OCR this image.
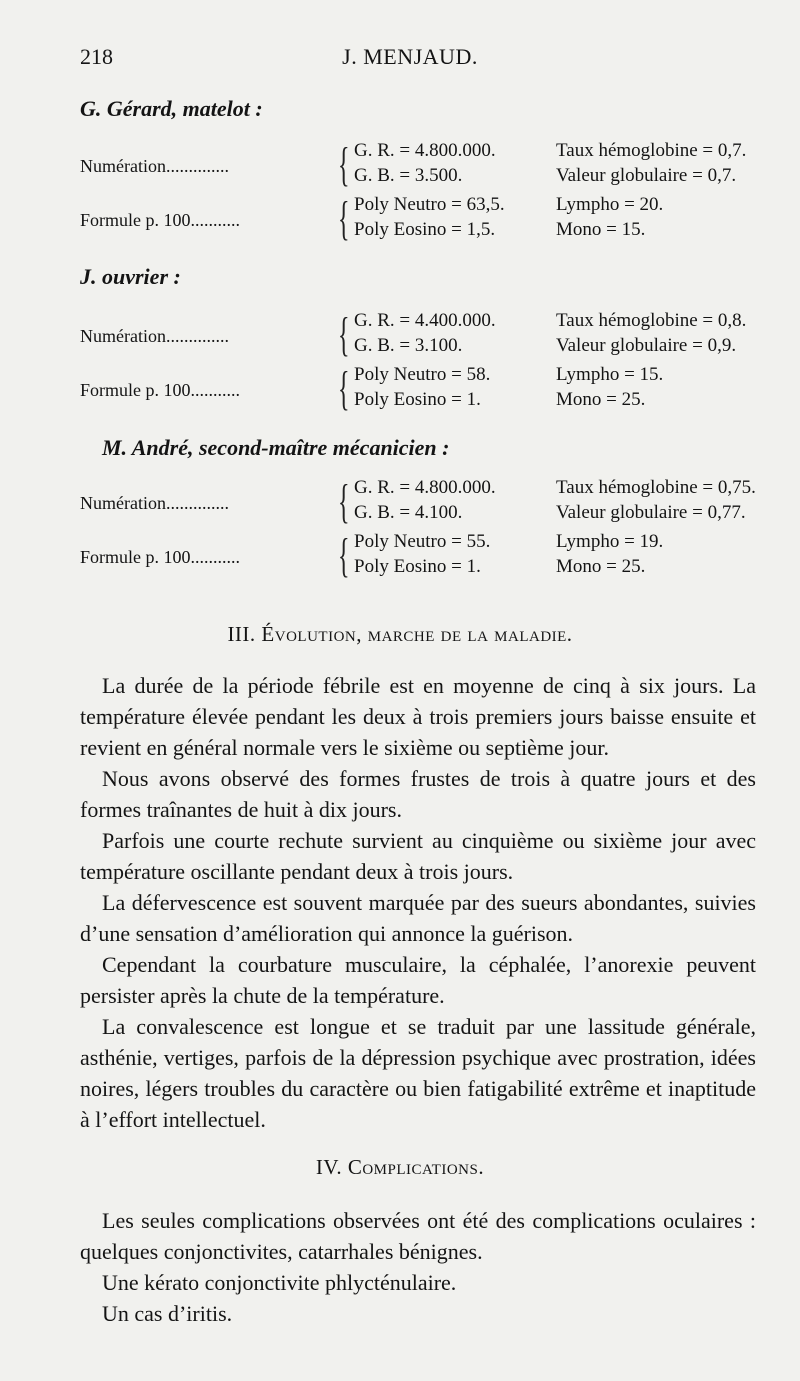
218	J. MENJAUD.
G. Gérard, matelot :
Numération.............. { G. R. = 4.800.000.
G. B. = 3.500.
Taux hémoglobine = 0,7.
Valeur globulaire = 0,7.
Formule p. 100........... { Poly Neutro = 63,5.
Poly Eosino = 1,5.
Lympho = 20.
Mono = 15.
J. ouvrier :
Numération.............. { G. R. = 4.400.000.
G. B. = 3.100.
Taux hémoglobine = 0,8.
Valeur globulaire = 0,9.
Formule p. 100........... { Poly Neutro = 58.
Poly Eosino = 1.
Lympho = 15.
Mono = 25.
M. André, second-maître mécanicien :
Numération.............. { G. R. = 4.800.000.
G. B. = 4.100.
Taux hémoglobine = 0,75.
Valeur globulaire = 0,77.
Formule p. 100........... { Poly Neutro = 55.
Poly Eosino = 1.
Lympho = 19.
Mono = 25.
III. Évolution, marche de la maladie.

La durée de la période fébrile est en moyenne de cinq à six jours. La température élevée pendant les deux à trois premiers jours baisse ensuite et revient en général normale vers le sixième ou septième jour.

Nous avons observé des formes frustes de trois à quatre jours et des formes traînantes de huit à dix jours.

Parfois une courte rechute survient au cinquième ou sixième jour avec température oscillante pendant deux à trois jours.

La défervescence est souvent marquée par des sueurs abondantes, suivies d’une sensation d’amélioration qui annonce la guérison.

Cependant la courbature musculaire, la céphalée, l’anorexie peuvent persister après la chute de la température.

La convalescence est longue et se traduit par une lassitude générale, asthénie, vertiges, parfois de la dépression psychique avec prostration, idées noires, légers troubles du caractère ou bien fatigabilité extrême et inaptitude à l’effort intellectuel.

IV. Complications.

Les seules complications observées ont été des complications oculaires : quelques conjonctivites, catarrhales bénignes.

Une kérato conjonctivite phlycténulaire.

Un cas d’iritis.
